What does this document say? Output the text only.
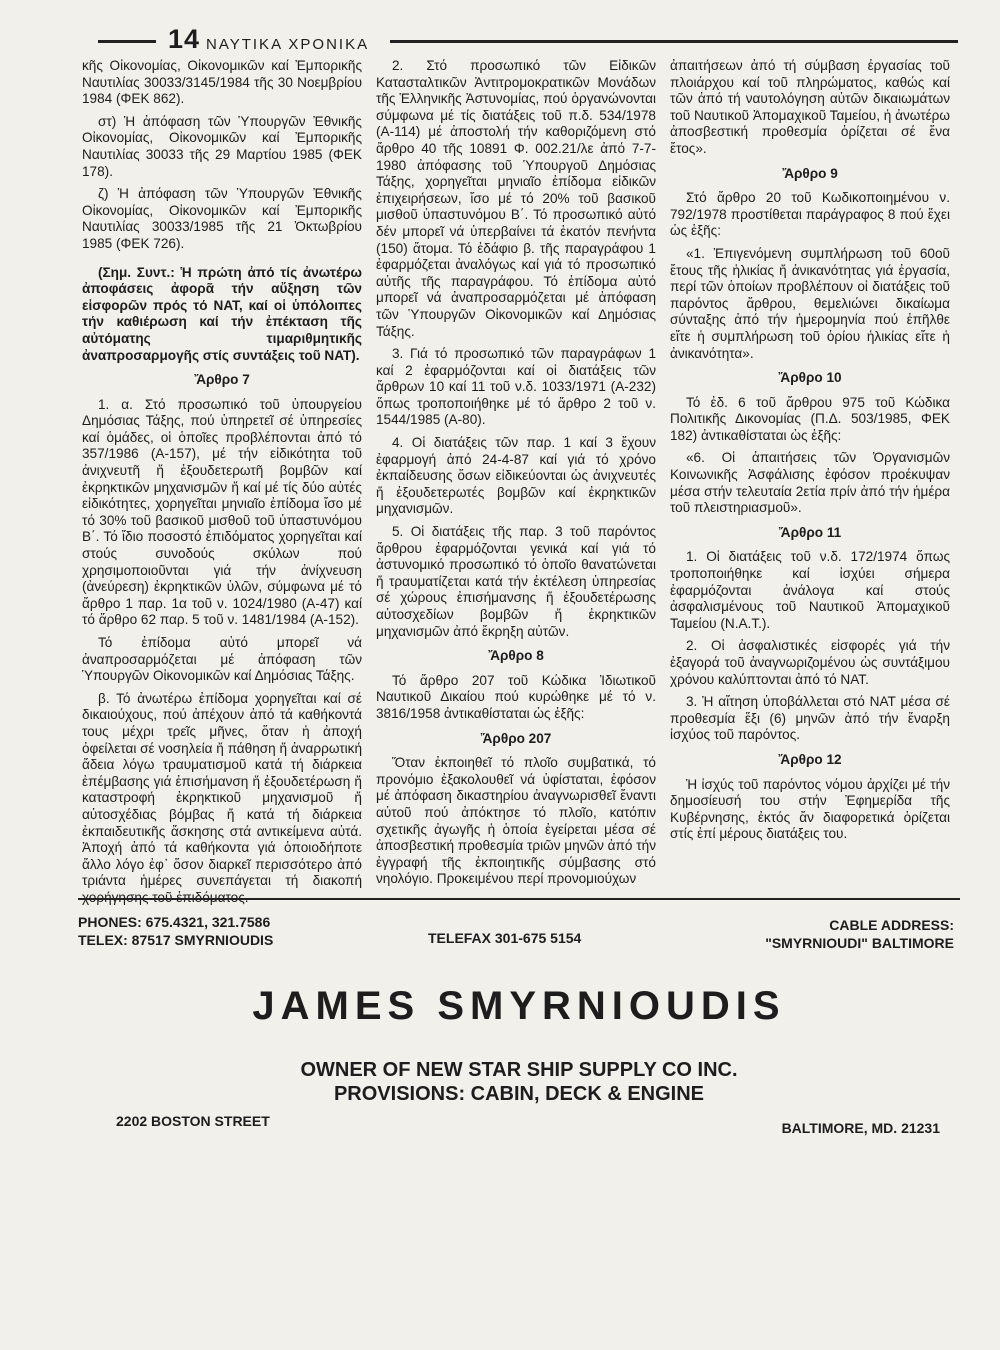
14 ΝΑΥΤΙΚΑ ΧΡΟΝΙΚΑ

κῆς Οἰκονομίας, Οἰκονομικῶν καί Ἐμπορικῆς Ναυτιλίας 30033/3145/1984 τῆς 30 Νοεμβρίου 1984 (ΦΕΚ 862).

στ) Ἡ ἀπόφαση τῶν Ὑπουργῶν Ἐθνικῆς Οἰκονομίας, Οἰκονομικῶν καί Ἐμπορικῆς Ναυτιλίας 30033 τῆς 29 Μαρτίου 1985 (ΦΕΚ 178).

ζ) Ἡ ἀπόφαση τῶν Ὑπουργῶν Ἐθνικῆς Οἰκονομίας, Οἰκονομικῶν καί Ἐμπορικῆς Ναυτιλίας 30033/1985 τῆς 21 Ὀκτωβρίου 1985 (ΦΕΚ 726).

(Σημ. Συντ.: Ἡ πρώτη ἀπό τίς ἀνωτέρω ἀποφάσεις ἀφορᾶ τήν αὔξηση τῶν εἰσφορῶν πρός τό ΝΑΤ, καί οἱ ὑπόλοιπες τήν καθιέρωση καί τήν ἐπέκταση τῆς αὐτόματης τιμαριθμητικῆς ἀναπροσαρμογῆς στίς συντάξεις τοῦ ΝΑΤ).

Ἄρθρο 7

1. α. Στό προσωπικό τοῦ ὑπουργείου Δημόσιας Τάξης, πού ὑπηρετεῖ σέ ὑπηρεσίες καί ὁμάδες, οἱ ὁποῖες προβλέπονται ἀπό τό 357/1986 (Α-157), μέ τήν εἰδικότητα τοῦ ἀνιχνευτῆ ἤ ἐξουδετερωτῆ βομβῶν καί ἐκρηκτικῶν μηχανισμῶν ἤ καί μέ τίς δύο αὐτές εἰδικότητες, χορηγεῖται μηνιαῖο ἐπίδομα ἴσο μέ τό 30% τοῦ βασικοῦ μισθοῦ τοῦ ὑπαστυνόμου Β΄. Τό ἴδιο ποσοστό ἐπιδόματος χορηγεῖται καί στούς συνοδούς σκύλων πού χρησιμοποιοῦνται γιά τήν ἀνίχνευση (ἀνεύρεση) ἐκρηκτικῶν ὑλῶν, σύμφωνα μέ τό ἄρθρο 1 παρ. 1α τοῦ ν. 1024/1980 (Α-47) καί τό ἄρθρο 62 παρ. 5 τοῦ ν. 1481/1984 (Α-152).

Τό ἐπίδομα αὐτό μπορεῖ νά ἀναπροσαρμόζεται μέ ἀπόφαση τῶν Ὑπουργῶν Οἰκονομικῶν καί Δημόσιας Τάξης.

β. Τό ἀνωτέρω ἐπίδομα χορηγεῖται καί σέ δικαιούχους, πού ἀπέχουν ἀπό τά καθήκοντά τους μέχρι τρεῖς μῆνες, ὅταν ἡ ἀποχή ὀφείλεται σέ νοσηλεία ἤ πάθηση ἤ ἀναρρωτική ἄδεια λόγω τραυματισμοῦ κατά τή διάρκεια ἐπέμβασης γιά ἐπισήμανση ἤ ἐξουδετέρωση ἤ καταστροφή ἐκρηκτικοῦ μηχανισμοῦ ἤ αὐτοσχέδιας βόμβας ἤ κατά τή διάρκεια ἐκπαιδευτικῆς ἄσκησης στά αντικείμενα αὐτά. Ἀποχή ἀπό τά καθήκοντα γιά ὁποιοδήποτε ἄλλο λόγο ἐφ᾽ ὅσον διαρκεῖ περισσότερο ἀπό τριάντα ἡμέρες συνεπάγεται τή διακοπή

2. Στό προσωπικό τῶν Εἰδικῶν Κατασταλτικῶν Ἀντιτρομοκρατικῶν Μονάδων τῆς Ἑλληνικῆς Ἀστυνομίας, πού ὀργανώνονται σύμφωνα μέ τίς διατάξεις τοῦ π.δ. 534/1978 (Α-114) μέ ἀποστολή τήν καθοριζόμενη στό ἄρθρο 40 τῆς 10891 Φ. 002.21/λε ἀπό 7-7-1980 ἀπόφασης τοῦ Ὑπουργοῦ Δημόσιας Τάξης, χορηγεῖται μηνιαῖο ἐπίδομα εἰδικῶν ἐπιχειρήσεων, ἴσο μέ τό 20% τοῦ βασικοῦ μισθοῦ ὑπαστυνόμου Β΄. Τό προσωπικό αὐτό δέν μπορεῖ νά ὑπερβαίνει τά ἑκατόν πενήντα (150) ἄτομα. Τό ἐδάφιο β. τῆς παραγράφου 1 ἐφαρμόζεται ἀναλόγως καί γιά τό προσωπικό αὐτῆς τῆς παραγράφου. Τό ἐπίδομα αὐτό μπορεῖ νά ἀναπροσαρμόζεται μέ ἀπόφαση τῶν Ὑπουργῶν Οἰκονομικῶν καί Δημόσιας Τάξης.

3. Γιά τό προσωπικό τῶν παραγράφων 1 καί 2 ἐφαρμόζονται καί οἱ διατάξεις τῶν ἄρθρων 10 καί 11 τοῦ ν.δ. 1033/1971 (Α-232) ὅπως τροποποιήθηκε μέ τό ἄρθρο 2 τοῦ ν. 1544/1985 (Α-80).

4. Οἱ διατάξεις τῶν παρ. 1 καί 3 ἔχουν ἐφαρμογή ἀπό 24-4-87 καί γιά τό χρόνο ἐκπαίδευσης ὅσων εἰδικεύονται ὡς ἀνιχνευτές ἤ ἐξουδετερωτές βομβῶν καί ἐκρηκτικῶν μηχανισμῶν.

5. Οἱ διατάξεις τῆς παρ. 3 τοῦ παρόντος ἄρθρου ἐφαρμόζονται γενικά καί γιά τό ἀστυνομικό προσωπικό τό ὁποῖο θανατώνεται ἤ τραυματίζεται κατά τήν ἐκτέλεση ὑπηρεσίας σέ χώρους ἐπισήμανσης ἤ ἐξουδετέρωσης αὐτοσχεδίων βομβῶν ἤ ἐκρηκτικῶν μηχανισμῶν ἀπό ἔκρηξη αὐτῶν.

Ἄρθρο 8

Τό ἄρθρο 207 τοῦ Κώδικα Ἰδιωτικοῦ Ναυτικοῦ Δικαίου πού κυρώθηκε μέ τό ν. 3816/1958 ἀντικαθίσταται ὡς ἑξῆς:

Ἄρθρο 207

Ὅταν ἐκποιηθεῖ τό πλοῖο συμβατικά, τό προνόμιο ἐξακολουθεῖ νά ὑφίσταται, ἐφόσον μέ ἀπόφαση δικαστηρίου ἀναγνωρισθεῖ ἔναντι αὐτοῦ πού ἀπόκτησε τό πλοῖο, κατόπιν σχετικῆς ἀγωγῆς ἡ ὁποία ἐγείρεται μέσα σέ ἀποσβεστική προθεσμία τριῶν μηνῶν ἀπό τήν ἐγγραφή τῆς ἐκποιητικῆς σύμβασης στό νηολόγιο. Προκειμένου περί προνομιούχων

ἀπαιτήσεων ἀπό τή σύμβαση ἐργασίας τοῦ πλοιάρχου καί τοῦ πληρώματος, καθώς καί τῶν ἀπό τή ναυτολόγηση αὐτῶν δικαιωμάτων τοῦ Ναυτικοῦ Ἀπομαχικοῦ Ταμείου, ἡ ἀνωτέρω ἀποσβεστική προθεσμία ὁρίζεται σέ ἕνα ἔτος».

Ἄρθρο 9

Στό ἄρθρο 20 τοῦ Κωδικοποιημένου ν. 792/1978 προστίθεται παράγραφος 8 πού ἔχει ὡς ἑξῆς:

«1. Ἐπιγενόμενη συμπλήρωση τοῦ 60οῦ ἔτους τῆς ἡλικίας ἤ ἀνικανότητας γιά ἐργασία, περί τῶν ὁποίων προβλέπουν οἱ διατάξεις τοῦ παρόντος ἄρθρου, θεμελιώνει δικαίωμα σύνταξης ἀπό τήν ἡμερομηνία πού ἐπῆλθε εἴτε ἡ συμπλήρωση τοῦ ὁρίου ἡλικίας εἴτε ἡ ἀνικανότητα».

Ἄρθρο 10

Τό ἐδ. 6 τοῦ ἄρθρου 975 τοῦ Κώδικα Πολιτικῆς Δικονομίας (Π.Δ. 503/1985, ΦΕΚ 182) ἀντικαθίσταται ὡς ἑξῆς:

«6. Οἱ ἀπαιτήσεις τῶν Ὀργανισμῶν Κοινωνικῆς Ἀσφάλισης ἐφόσον προέκυψαν μέσα στήν τελευταία 2ετία πρίν ἀπό τήν ἡμέρα τοῦ πλειστηριασμοῦ».

Ἄρθρο 11

1. Οἱ διατάξεις τοῦ ν.δ. 172/1974 ὅπως τροποποιήθηκε καί ἰσχύει σήμερα ἐφαρμόζονται ἀνάλογα καί στούς ἀσφαλισμένους τοῦ Ναυτικοῦ Ἀπομαχικοῦ Ταμείου (Ν.Α.Τ.).

2. Οἱ ἀσφαλιστικές εἰσφορές γιά τήν ἐξαγορά τοῦ ἀναγνωριζομένου ὡς συντάξιμου χρόνου καλύπτονται ἀπό τό ΝΑΤ.

3. Ἡ αἴτηση ὑποβάλλεται στό ΝΑΤ μέσα σέ προθεσμία ἕξι (6) μηνῶν ἀπό τήν ἔναρξη ἰσχύος τοῦ παρόντος.

Ἄρθρο 12

Ἡ ἰσχύς τοῦ παρόντος νόμου ἀρχίζει μέ τήν δημοσίευσή του στήν Ἐφημερίδα τῆς Κυβέρνησης, ἐκτός ἄν διαφορετικά ὁρίζεται στίς ἐπί μέρους διατάξεις του.

PHONES: 675.4321, 321.7586
TELEX: 87517 SMYRNIOUDIS	TELEFAX 301-675 5154
CABLE ADDRESS:
"SMYRNIOUDI" BALTIMORE
JAMES SMYRNIOUDIS
OWNER OF NEW STAR SHIP SUPPLY CO INC.
PROVISIONS: CABIN, DECK & ENGINE
2202 BOSTON STREET	BALTIMORE, MD. 21231
